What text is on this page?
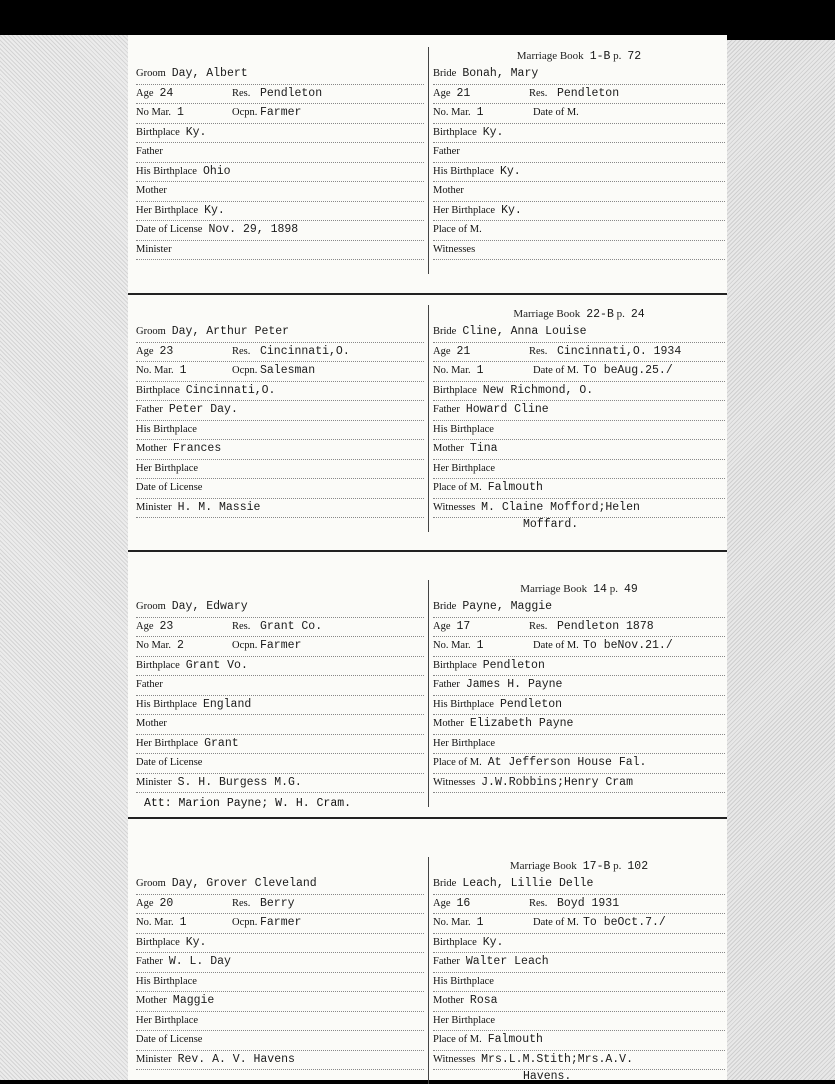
Groom Day, Albert
Age 24	Res. Pendleton
No Mar. 1	Ocpn. Farmer
Birthplace Ky.
Father
His Birthplace Ohio
Mother
Her Birthplace Ky.
Date of License Nov. 29, 1898
Minister
Marriage Book 1-B p. 72
Bride Bonah, Mary
Age 21	Res. Pendleton
No. Mar. 1	Date of M.
Birthplace Ky.
Father
His Birthplace Ky.
Mother
Her Birthplace Ky.
Place of M.
Witnesses
Groom Day, Arthur Peter
Age 23	Res. Cincinnati,O.
No. Mar. 1	Ocpn. Salesman
Birthplace Cincinnati,O.
Father Peter Day.
His Birthplace
Mother Frances
Her Birthplace
Date of License
Minister H. M. Massie
Marriage Book 22-B p. 24
Bride Cline, Anna Louise
Age 21	Res. Cincinnati,O. 1934
No. Mar. 1	Date of M. To beAug.25./
Birthplace New Richmond, O.
Father Howard Cline
His Birthplace
Mother Tina
Her Birthplace
Place of M. Falmouth
Witnesses M. Claine Mofford;Helen
Moffard.
Groom Day, Edwary
Age 23	Res. Grant Co.
No Mar. 2	Ocpn. Farmer
Birthplace Grant Vo.
Father
His Birthplace England
Mother
Her Birthplace Grant
Date of License
Minister S. H. Burgess M.G.
Marriage Book 14 p. 49
Bride Payne, Maggie
Age 17	Res. Pendleton 1878
No. Mar. 1	Date of M. To beNov.21./
Birthplace Pendleton
Father James H. Payne
His Birthplace Pendleton
Mother Elizabeth Payne
Her Birthplace
Place of M. At Jefferson House Fal.
Witnesses J.W.Robbins;Henry Cram
Att: Marion Payne; W. H. Cram.
Groom Day, Grover Cleveland
Age 20	Res. Berry
No. Mar. 1	Ocpn. Farmer
Birthplace Ky.
Father W. L. Day
His Birthplace
Mother Maggie
Her Birthplace
Date of License
Minister Rev. A. V. Havens
Marriage Book 17-B p. 102
Bride Leach, Lillie Delle
Age 16	Res. Boyd 1931
No. Mar. 1	Date of M. To beOct.7./
Birthplace Ky.
Father Walter Leach
His Birthplace
Mother Rosa
Her Birthplace
Place of M. Falmouth
Witnesses Mrs.L.M.Stith;Mrs.A.V.
Havens.
